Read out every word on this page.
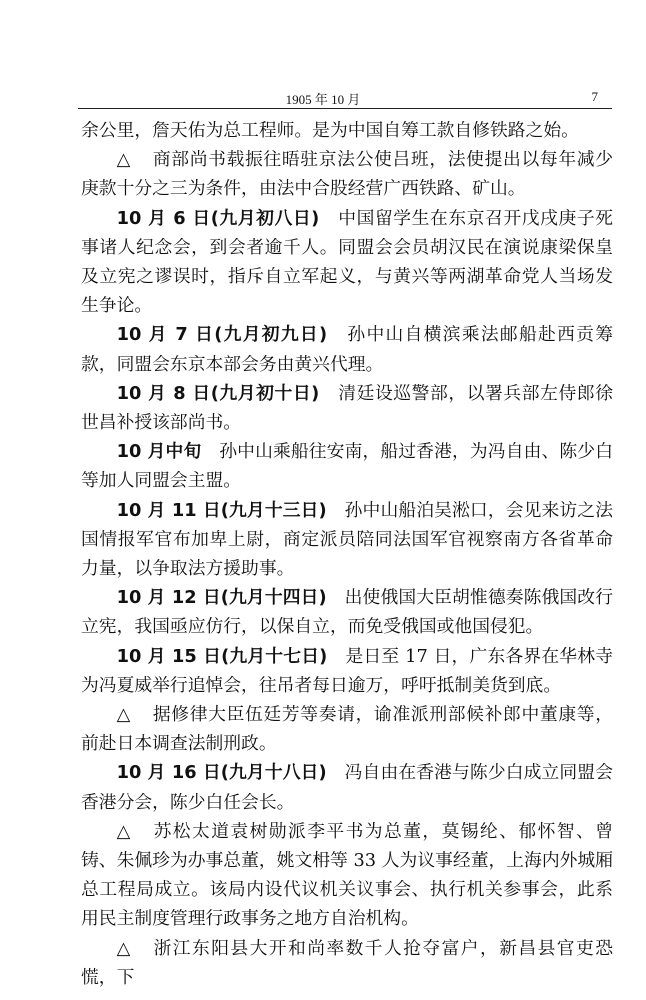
1905 年 10 月	7

余公里，詹天佑为总工程师。是为中国自筹工款自修铁路之始。

△ 商部尚书载振往晤驻京法公使吕班，法使提出以每年减少庚款十分之三为条件，由法中合股经营广西铁路、矿山。

10 月 6 日(九月初八日)　 中国留学生在东京召开戊戌庚子死事诸人纪念会，到会者逾千人。同盟会会员胡汉民在演说康梁保皇及立宪之谬误时，指斥自立军起义，与黄兴等两湖革命党人当场发生争论。

10 月 7 日(九月初九日)　 孙中山自横滨乘法邮船赴西贡筹款，同盟会东京本部会务由黄兴代理。

10 月 8 日(九月初十日)　 清廷设巡警部，以署兵部左侍郎徐世昌补授该部尚书。

10 月中旬　 孙中山乘船往安南，船过香港，为冯自由、陈少白等加人同盟会主盟。

10 月 11 日(九月十三日)　 孙中山船泊吴淞口，会见来访之法国情报军官布加卑上尉，商定派员陪同法国军官视察南方各省革命力量，以争取法方援助事。

10 月 12 日(九月十四日)　 出使俄国大臣胡惟德奏陈俄国改行立宪，我国亟应仿行，以保自立，而免受俄国或他国侵犯。

10 月 15 日(九月十七日)　 是日至 17 日，广东各界在华林寺为冯夏威举行追悼会，往吊者每日逾万，呼吁抵制美货到底。

△ 据修律大臣伍廷芳等奏请，谕准派刑部候补郎中董康等，前赴日本调查法制刑政。

10 月 16 日(九月十八日)　 冯自由在香港与陈少白成立同盟会香港分会，陈少白任会长。

△ 苏松太道袁树勋派李平书为总董，莫锡纶、郁怀智、曾铸、朱佩珍为办事总董，姚文枏等 33 人为议事经董，上海内外城厢总工程局成立。该局内设代议机关议事会、执行机关参事会，此系用民主制度管理行政事务之地方自治机构。

△ 浙江东阳县大开和尚率数千人抢夺富户，新昌县官吏恐慌，下
